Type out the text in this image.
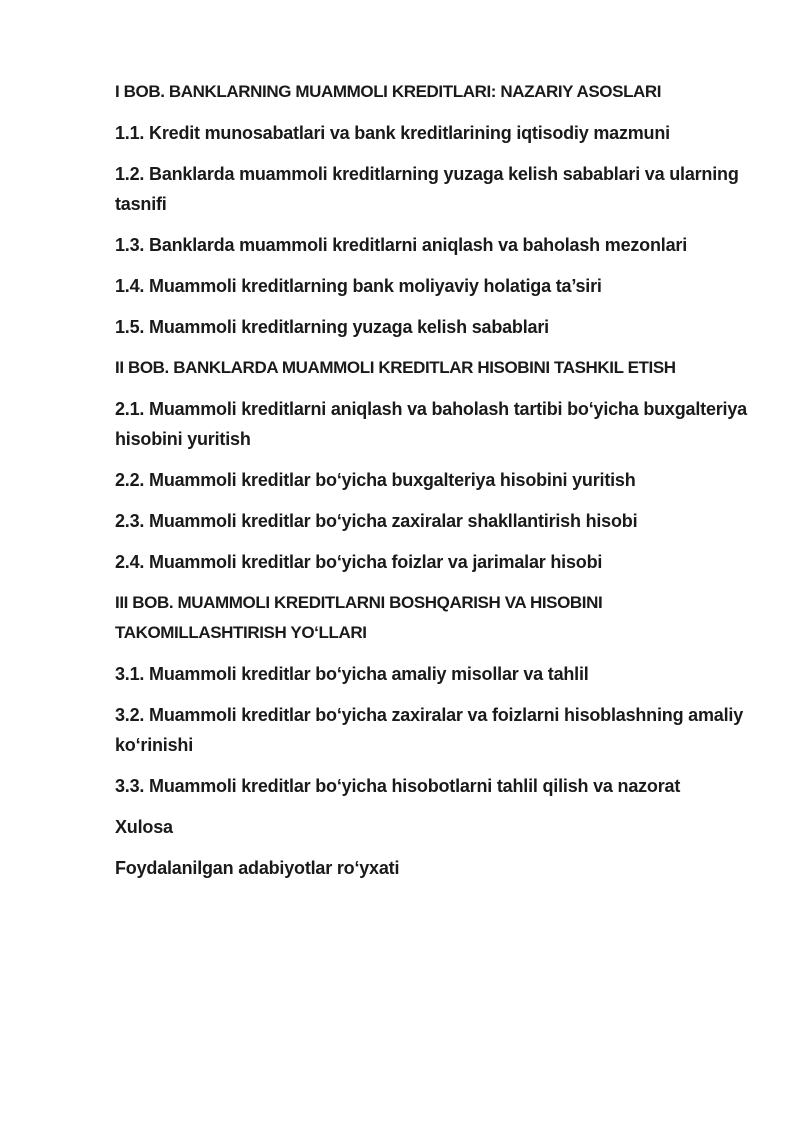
I BOB. BANKLARNING MUAMMOLI KREDITLARI: NAZARIY ASOSLARI
1.1. Kredit munosabatlari va bank kreditlarining iqtisodiy mazmuni
1.2. Banklarda muammoli kreditlarning yuzaga kelish sabablari va ularning tasnifi
1.3. Banklarda muammoli kreditlarni aniqlash va baholash mezonlari
1.4. Muammoli kreditlarning bank moliyaviy holatiga ta’siri
1.5. Muammoli kreditlarning yuzaga kelish sabablari
II BOB. BANKLARDA MUAMMOLI KREDITLAR HISOBINI TASHKIL ETISH
2.1. Muammoli kreditlarni aniqlash va baholash tartibi bo‘yicha buxgalteriya hisobini yuritish
2.2. Muammoli kreditlar bo‘yicha buxgalteriya hisobini yuritish
2.3. Muammoli kreditlar bo‘yicha zaxiralar shakllantirish hisobi
2.4. Muammoli kreditlar bo‘yicha foizlar va jarimalar hisobi
III BOB. MUAMMOLI KREDITLARNI BOSHQARISH VA HISOBINI TAKOMILLASHTIRISH YO‘LLARI
3.1. Muammoli kreditlar bo‘yicha amaliy misollar va tahlil
3.2. Muammoli kreditlar bo‘yicha zaxiralar va foizlarni hisoblashning amaliy ko‘rinishi
3.3. Muammoli kreditlar bo‘yicha hisobotlarni tahlil qilish va nazorat
Xulosa
Foydalanilgan adabiyotlar ro‘yxati
